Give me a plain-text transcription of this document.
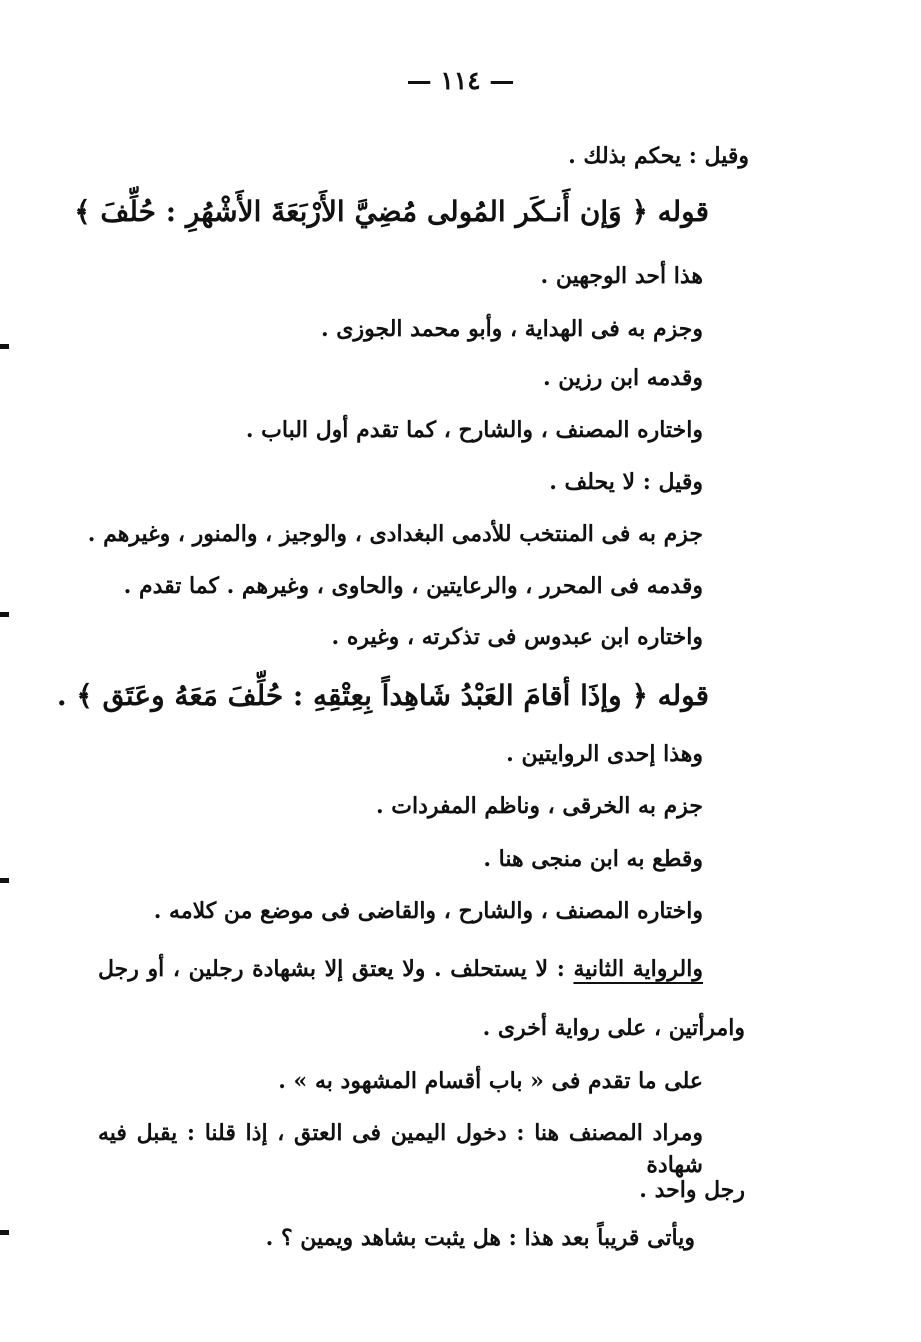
— ١١٤ —
وقيل : يحكم بذلك .
قوله ﴿ وَإن أَنـكَر المُولى مُضِيَّ الأَرْبَعَةَ الأَشْهُرِ : حُلِّفَ ﴾
هذا أحد الوجهين .
وجزم به فى الهداية ، وأبو محمد الجوزى .
وقدمه ابن رزين .
واختاره المصنف ، والشارح ، كما تقدم أول الباب .
وقيل : لا يحلف .
جزم به فى المنتخب للأدمى البغدادى ، والوجيز ، والمنور ، وغيرهم .
وقدمه فى المحرر ، والرعايتين ، والحاوى ، وغيرهم . كما تقدم .
واختاره ابن عبدوس فى تذكرته ، وغيره .
قوله ﴿ وإذَا أقامَ العَبْدُ شَاهِداً بِعِتْقِهِ : حُلِّفَ مَعَهُ وعَتَق ﴾ .
وهذا إحدى الروايتين .
جزم به الخرقى ، وناظم المفردات .
وقطع به ابن منجى هنا .
واختاره المصنف ، والشارح ، والقاضى فى موضع من كلامه .
والرواية الثانية : لا يستحلف . ولا يعتق إلا بشهادة رجلين ، أو رجل
وامرأتين ، على رواية أخرى .
على ما تقدم فى « باب أقسام المشهود به » .
ومراد المصنف هنا : دخول اليمين فى العتق ، إذا قلنا : يقبل فيه شهادة
رجل واحد .
ويأتى قريباً بعد هذا : هل يثبت بشاهد ويمين ؟ .
